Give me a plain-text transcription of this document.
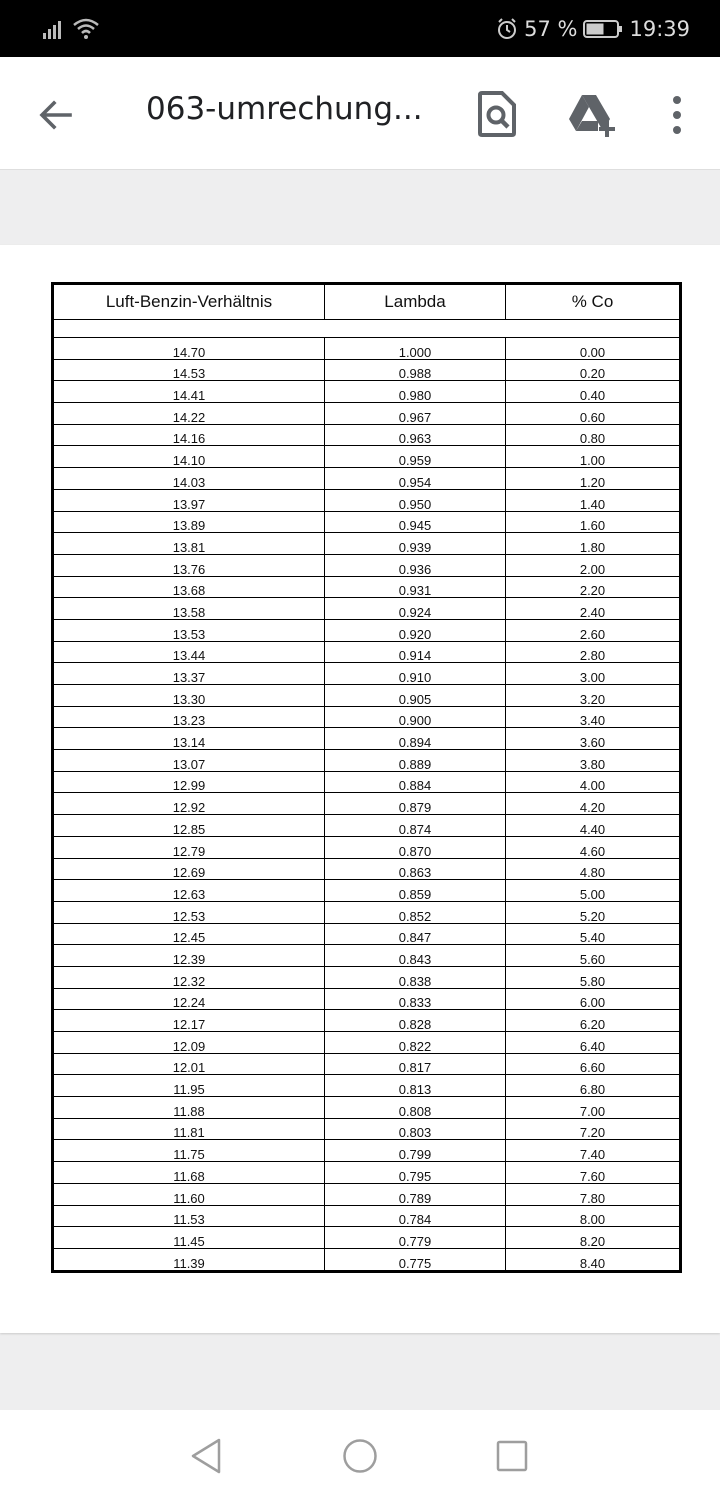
57 % 19:39
063-umrechung...
Luft-Benzin-Verhältnis	Lambda	% Co

14.70	1.000	0.00
14.53	0.988	0.20
14.41	0.980	0.40
14.22	0.967	0.60
14.16	0.963	0.80
14.10	0.959	1.00
14.03	0.954	1.20
13.97	0.950	1.40
13.89	0.945	1.60
13.81	0.939	1.80
13.76	0.936	2.00
13.68	0.931	2.20
13.58	0.924	2.40
13.53	0.920	2.60
13.44	0.914	2.80
13.37	0.910	3.00
13.30	0.905	3.20
13.23	0.900	3.40
13.14	0.894	3.60
13.07	0.889	3.80
12.99	0.884	4.00
12.92	0.879	4.20
12.85	0.874	4.40
12.79	0.870	4.60
12.69	0.863	4.80
12.63	0.859	5.00
12.53	0.852	5.20
12.45	0.847	5.40
12.39	0.843	5.60
12.32	0.838	5.80
12.24	0.833	6.00
12.17	0.828	6.20
12.09	0.822	6.40
12.01	0.817	6.60
11.95	0.813	6.80
11.88	0.808	7.00
11.81	0.803	7.20
11.75	0.799	7.40
11.68	0.795	7.60
11.60	0.789	7.80
11.53	0.784	8.00
11.45	0.779	8.20
11.39	0.775	8.40
